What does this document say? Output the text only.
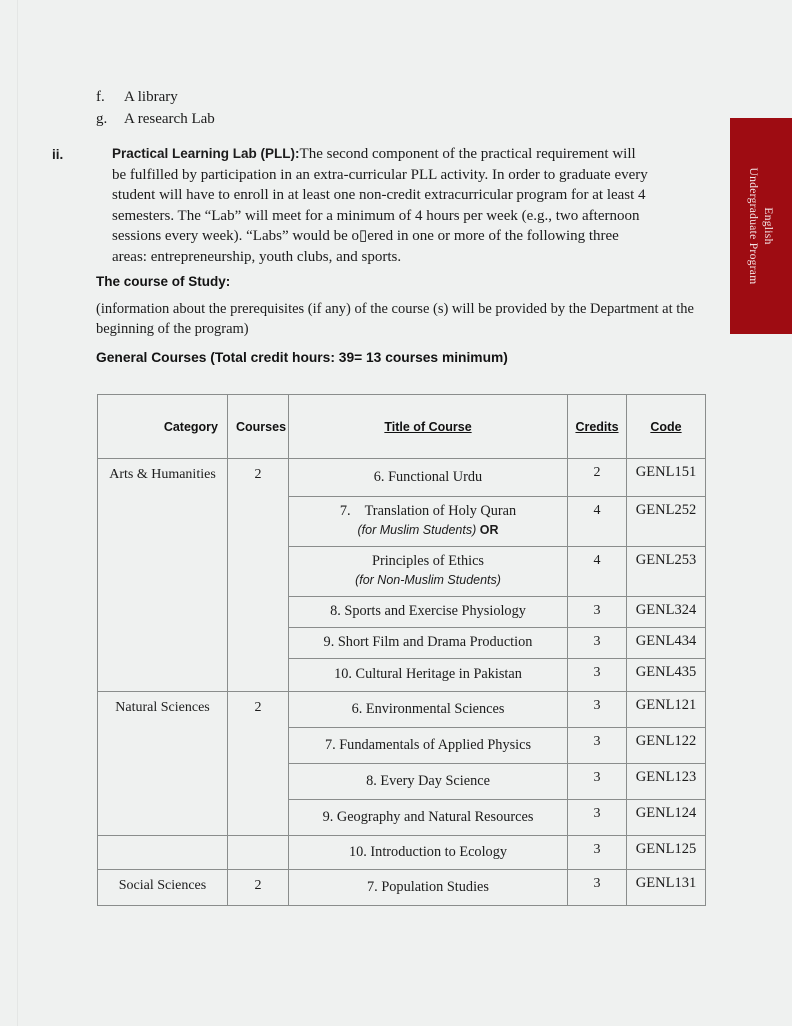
f.	A library
g.	A research Lab
ii.	Practical Learning Lab (PLL):The second component of the practical requirement will be fulfilled by participation in an extra-curricular PLL activity. In order to graduate every student will have to enroll in at least one non-credit extracurricular program for at least 4 semesters. The “Lab” will meet for a minimum of 4 hours per week (e.g., two afternoon sessions every week). “Labs” would be o▯ered in one or more of the following three areas: entrepreneurship, youth clubs, and sports.
The course of Study:
(information about the prerequisites (if any) of the course (s) will be provided by the Department at the beginning of the program)
General Courses (Total credit hours: 39= 13 courses minimum)
Category	Courses	Title of Course	Credits	Code
Arts & Humanities	2	6. Functional Urdu	2	GENL151

		7. Translation of Holy Quran
(for Muslim Students) OR	4	GENL252

		Principles of Ethics
(for Non-Muslim Students)	4	GENL253

		8. Sports and Exercise Physiology	3	GENL324

		9. Short Film and Drama Production	3	GENL434

		10. Cultural Heritage in Pakistan	3	GENL435
Natural Sciences	2	6. Environmental Sciences	3	GENL121

		7. Fundamentals of Applied Physics	3	GENL122

		8. Every Day Science	3	GENL123

		9. Geography and Natural Resources	3	GENL124

		10. Introduction to Ecology	3	GENL125
Social Sciences	2	7. Population Studies	3	GENL131
English
Undergraduate Program
